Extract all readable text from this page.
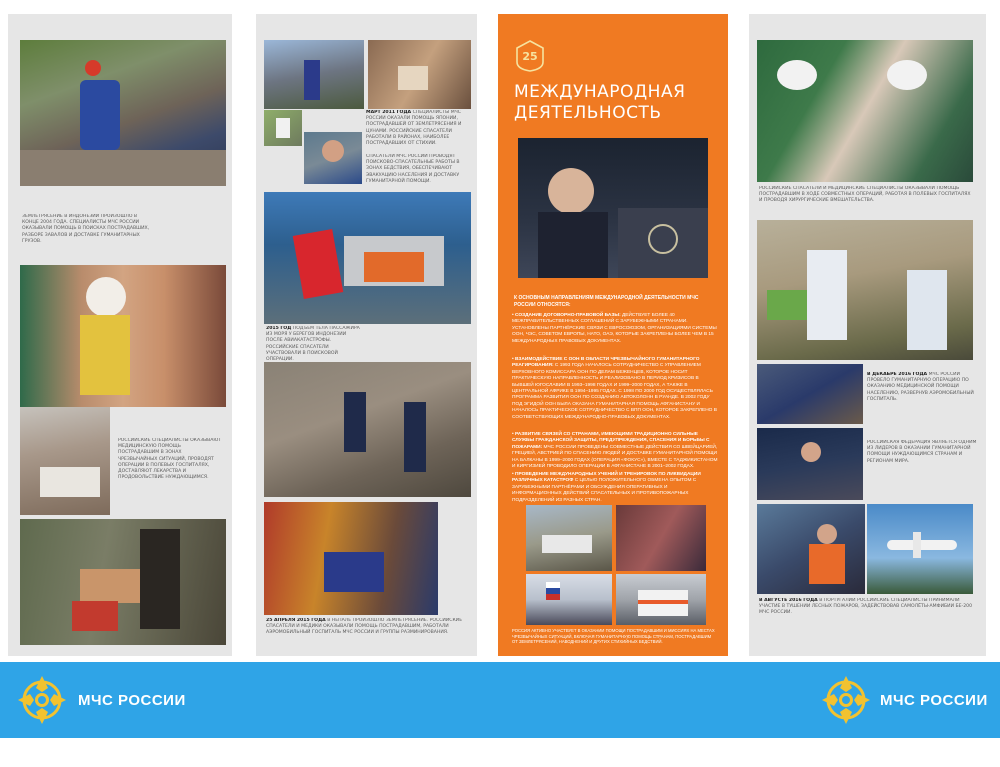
ЗЕМЛЕТРЯСЕНИЕ В ИНДОНЕЗИИ ПРОИЗОШЛО В КОНЦЕ 2004 ГОДА. СПЕЦИАЛИСТЫ МЧС РОССИИ ОКАЗЫВАЛИ ПОМОЩЬ В ПОИСКАХ ПОСТРАДАВШИХ, РАЗБОРЕ ЗАВАЛОВ И ДОСТАВКЕ ГУМАНИТАРНЫХ ГРУЗОВ.
РОССИЙСКИЕ СПЕЦИАЛИСТЫ ОКАЗЫВАЮТ МЕДИЦИНСКУЮ ПОМОЩЬ ПОСТРАДАВШИМ В ЗОНАХ ЧРЕЗВЫЧАЙНЫХ СИТУАЦИЙ, ПРОВОДЯТ ОПЕРАЦИИ В ПОЛЕВЫХ ГОСПИТАЛЯХ, ДОСТАВЛЯЮТ ЛЕКАРСТВА И ПРОДОВОЛЬСТВИЕ НУЖДАЮЩИМСЯ.
МАРТ 2011 ГОДА СПЕЦИАЛИСТЫ МЧС РОССИИ ОКАЗАЛИ ПОМОЩЬ ЯПОНИИ, ПОСТРАДАВШЕЙ ОТ ЗЕМЛЕТРЯСЕНИЯ И ЦУНАМИ. РОССИЙСКИЕ СПАСАТЕЛИ РАБОТАЛИ В РАЙОНАХ, НАИБОЛЕЕ ПОСТРАДАВШИХ ОТ СТИХИИ.
СПАСАТЕЛИ МЧС РОССИИ ПРОВОДЯТ ПОИСКОВО-СПАСАТЕЛЬНЫЕ РАБОТЫ В ЗОНАХ БЕДСТВИЯ, ОБЕСПЕЧИВАЮТ ЭВАКУАЦИЮ НАСЕЛЕНИЯ И ДОСТАВКУ ГУМАНИТАРНОЙ ПОМОЩИ.
2015 ГОД ПОДЪЁМ ТЕЛА ПАССАЖИРА ИЗ МОРЯ У БЕРЕГОВ ИНДОНЕЗИИ ПОСЛЕ АВИАКАТАСТРОФЫ. РОССИЙСКИЕ СПАСАТЕЛИ УЧАСТВОВАЛИ В ПОИСКОВОЙ ОПЕРАЦИИ.
25 АПРЕЛЯ 2015 ГОДА В НЕПАЛЕ ПРОИЗОШЛО ЗЕМЛЕТРЯСЕНИЕ. РОССИЙСКИЕ СПАСАТЕЛИ И МЕДИКИ ОКАЗЫВАЛИ ПОМОЩЬ ПОСТРАДАВШИМ, РАБОТАЛИ АЭРОМОБИЛЬНЫЙ ГОСПИТАЛЬ МЧС РОССИИ И ГРУППЫ РАЗМИНИРОВАНИЯ.
25
МЕЖДУНАРОДНАЯ
ДЕЯТЕЛЬНОСТЬ
К ОСНОВНЫМ НАПРАВЛЕНИЯМ МЕЖДУНАРОДНОЙ ДЕЯТЕЛЬНОСТИ МЧС РОССИИ ОТНОСЯТСЯ:
• СОЗДАНИЕ ДОГОВОРНО-ПРАВОВОЙ БАЗЫ: ДЕЙСТВУЕТ БОЛЕЕ 40 МЕЖПРАВИТЕЛЬСТВЕННЫХ СОГЛАШЕНИЙ С ЗАРУБЕЖНЫМИ СТРАНАМИ. УСТАНОВЛЕНЫ ПАРТНЁРСКИЕ СВЯЗИ С ЕВРОСОЮЗОМ, ОРГАНИЗАЦИЯМИ СИСТЕМЫ ООН, ЧЭС, СОВЕТОМ ЕВРОПЫ, НАТО, ОАЭ, КОТОРЫЕ ЗАКРЕПЛЕНЫ БОЛЕЕ ЧЕМ В 15 МЕЖДУНАРОДНЫХ ПРАВОВЫХ ДОКУМЕНТАХ.
• ВЗАИМОДЕЙСТВИЕ С ООН В ОБЛАСТИ ЧРЕЗВЫЧАЙНОГО ГУМАНИТАРНОГО РЕАГИРОВАНИЯ: С 1993 ГОДА НАЧАЛОСЬ СОТРУДНИЧЕСТВО С УПРАВЛЕНИЕМ ВЕРХОВНОГО КОМИССАРА ООН ПО ДЕЛАМ БЕЖЕНЦЕВ, КОТОРОЕ НОСИТ ПРАКТИЧЕСКУЮ НАПРАВЛЕННОСТЬ И РЕАЛИЗОВАНО В ПЕРИОД КРИЗИСОВ В БЫВШЕЙ ЮГОСЛАВИИ В 1993–1998 ГОДАХ И 1999–2000 ГОДАХ, А ТАКЖЕ В ЦЕНТРАЛЬНОЙ АФРИКЕ В 1994–1995 ГОДАХ. С 1998 ПО 2000 ГОД ОСУЩЕСТВЛЯЛАСЬ ПРОГРАММА РАЗВИТИЯ ООН ПО СОЗДАНИЮ АВТОКОЛОНН В РУАНДЕ. В 2002 ГОДУ ПОД ЭГИДОЙ ООН БЫЛА ОКАЗАНА ГУМАНИТАРНАЯ ПОМОЩЬ АФГАНИСТАНУ И НАЧАЛОСЬ ПРАКТИЧЕСКОЕ СОТРУДНИЧЕСТВО С ВПП ООН, КОТОРОЕ ЗАКРЕПЛЕНО В СООТВЕТСТВУЮЩИХ МЕЖДУНАРОДНО-ПРАВОВЫХ ДОКУМЕНТАХ.
• РАЗВИТИЕ СВЯЗЕЙ СО СТРАНАМИ, ИМЕЮЩИМИ ТРАДИЦИОННО СИЛЬНЫЕ СЛУЖБЫ ГРАЖДАНСКОЙ ЗАЩИТЫ, ПРЕДУПРЕЖДЕНИЯ, СПАСЕНИЯ И БОРЬБЫ С ПОЖАРАМИ: МЧС РОССИИ ПРОВЕДЕНЫ СОВМЕСТНЫЕ ДЕЙСТВИЯ СО ШВЕЙЦАРИЕЙ, ГРЕЦИЕЙ, АВСТРИЕЙ ПО СПАСЕНИЮ ЛЮДЕЙ И ДОСТАВКЕ ГУМАНИТАРНОЙ ПОМОЩИ НА БАЛКАНЫ В 1999–2000 ГОДАХ (ОПЕРАЦИЯ «ФОКУС»), ВМЕСТЕ С ТАДЖИКИСТАНОМ И КИРГИЗИЕЙ ПРОВОДИЛО ОПЕРАЦИИ В АФГАНИСТАНЕ В 2001–2002 ГОДАХ.
• ПРОВЕДЕНИЕ МЕЖДУНАРОДНЫХ УЧЕНИЙ И ТРЕНИРОВОК ПО ЛИКВИДАЦИИ РАЗЛИЧНЫХ КАТАСТРОФ С ЦЕЛЬЮ ПОЛОЖИТЕЛЬНОГО ОБМЕНА ОПЫТОМ С ЗАРУБЕЖНЫМИ ПАРТНЁРАМИ И ОБСУЖДЕНИЯ ОПЕРАТИВНЫХ И ИНФОРМАЦИОННЫХ ДЕЙСТВИЙ СПАСАТЕЛЬНЫХ И ПРОТИВОПОЖАРНЫХ ПОДРАЗДЕЛЕНИЙ ИЗ РАЗНЫХ СТРАН.
РОССИЯ АКТИВНО УЧАСТВУЕТ В ОКАЗАНИИ ПОМОЩИ ПОСТРАДАВШИМ И МИССИЯХ НА МЕСТАХ ЧРЕЗВЫЧАЙНЫХ СИТУАЦИЙ, ВКЛЮЧАЯ ГУМАНИТАРНУЮ ПОМОЩЬ СТРАНАМ, ПОСТРАДАВШИМ ОТ ЗЕМЛЕТРЯСЕНИЙ, НАВОДНЕНИЙ И ДРУГИХ СТИХИЙНЫХ БЕДСТВИЙ.
РОССИЙСКИЕ СПАСАТЕЛИ И МЕДИЦИНСКИЕ СПЕЦИАЛИСТЫ ОКАЗЫВАЛИ ПОМОЩЬ ПОСТРАДАВШИМ В ХОДЕ СОВМЕСТНЫХ ОПЕРАЦИЙ, РАБОТАЯ В ПОЛЕВЫХ ГОСПИТАЛЯХ И ПРОВОДЯ ХИРУРГИЧЕСКИЕ ВМЕШАТЕЛЬСТВА.
В ДЕКАБРЕ 2016 ГОДА МЧС РОССИИ ПРОВЕЛО ГУМАНИТАРНУЮ ОПЕРАЦИЮ ПО ОКАЗАНИЮ МЕДИЦИНСКОЙ ПОМОЩИ НАСЕЛЕНИЮ, РАЗВЕРНУВ АЭРОМОБИЛЬНЫЙ ГОСПИТАЛЬ.
РОССИЙСКАЯ ФЕДЕРАЦИЯ ЯВЛЯЕТСЯ ОДНИМ ИЗ ЛИДЕРОВ В ОКАЗАНИИ ГУМАНИТАРНОЙ ПОМОЩИ НУЖДАЮЩИМСЯ СТРАНАМ И РЕГИОНАМ МИРА.
В АВГУСТЕ 2016 ГОДА В ПОРТУГАЛИИ РОССИЙСКИЕ СПЕЦИАЛИСТЫ ПРИНИМАЛИ УЧАСТИЕ В ТУШЕНИИ ЛЕСНЫХ ПОЖАРОВ, ЗАДЕЙСТВОВАВ САМОЛЁТЫ-АМФИБИИ БЕ-200 МЧС РОССИИ.
МЧС РОССИИ	МЧС РОССИИ
